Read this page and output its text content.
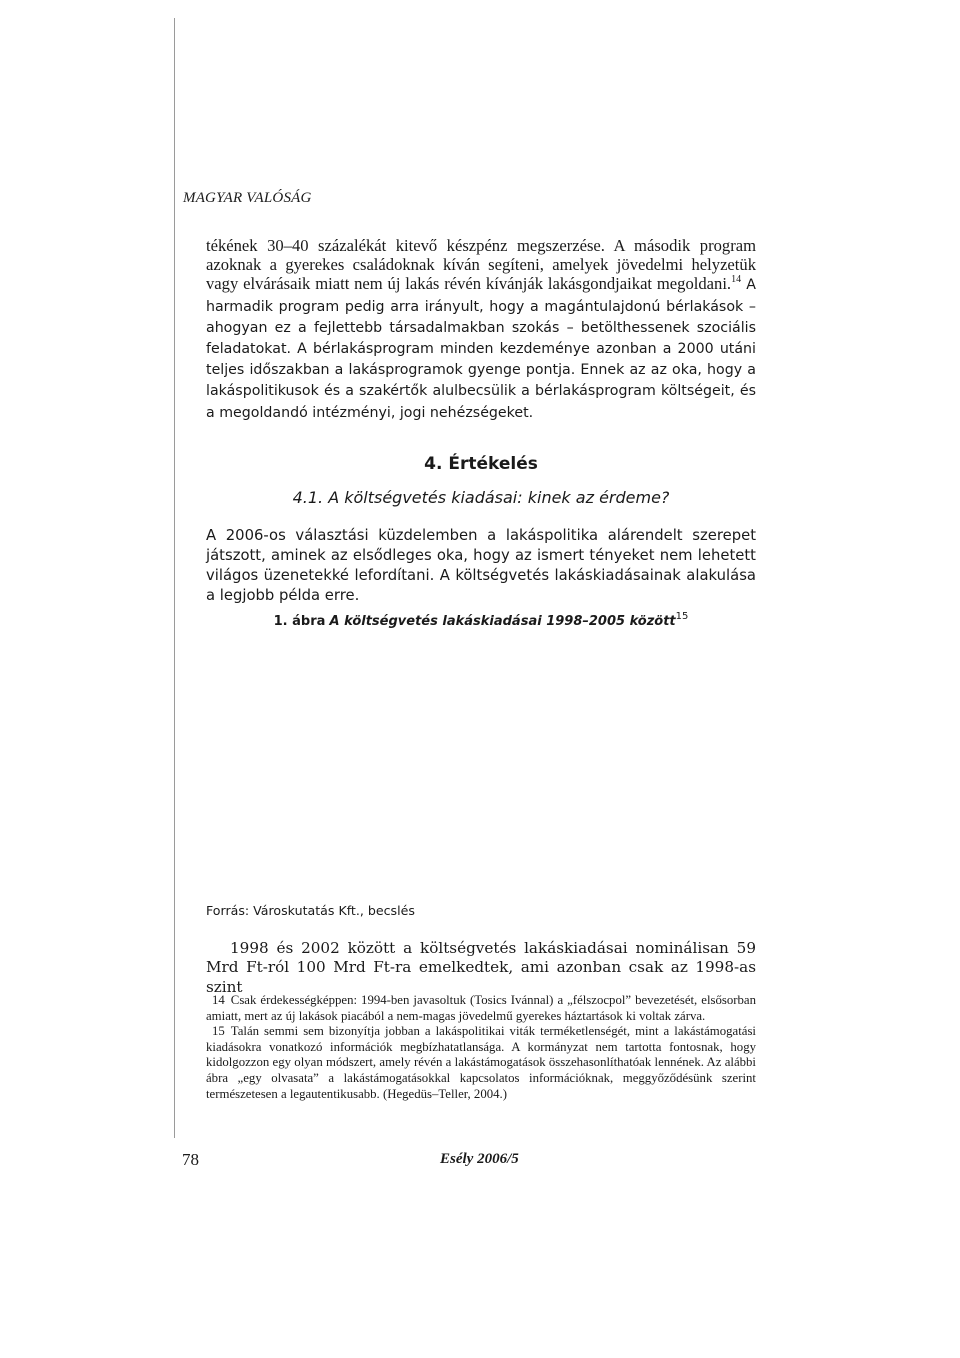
MAGYAR VALÓSÁG

tékének 30–40 százalékát kitevő készpénz megszerzése. A második program azoknak a gyerekes családoknak kíván segíteni, amelyek jövedelmi helyzetük vagy elvárásaik miatt nem új lakás révén kívánják lakásgondjaikat megoldani.$^{14}$ A harmadik program pedig arra irányult, hogy a magántulajdonú bérlakások – ahogyan ez a fejlettebb társadalmakban szokás – betölthessenek szociális feladatokat. A bérlakásprogram minden kezdeménye azonban a 2000 utáni teljes időszakban a lakásprogramok gyenge pontja. Ennek az az oka, hogy a lakáspolitikusok és a szakértők alulbecsülik a bérlakásprogram költségeit, és a megoldandó intézményi, jogi nehézségeket.

4. Értékelés
4.1. A költségvetés kiadásai: kinek az érdeme?

A 2006-os választási küzdelemben a lakáspolitika alárendelt szerepet játszott, aminek az elsődleges oka, hogy az ismert tényeket nem lehetett világos üzenetekké lefordítani. A költségvetés lakáskiadásainak alakulása a legjobb példa erre.

1. ábra A költségvetés lakáskiadásai 1998–2005 között$^{15}$
Forrás: Városkutatás Kft., becslés

1998 és 2002 között a költségvetés lakáskiadásai nominálisan 59 Mrd Ft-ról 100 Mrd Ft-ra emelkedtek, ami azonban csak az 1998-as szint

14 Csak érdekességképpen: 1994-ben javasoltuk (Tosics Ivánnal) a „félszocpol” bevezetését, elsősorban amiatt, mert az új lakások piacából a nem-magas jövedelmű gyerekes háztartások ki voltak zárva.

15 Talán semmi sem bizonyítja jobban a lakáspolitikai viták terméketlenségét, mint a lakástámogatási kiadásokra vonatkozó információk megbízhatatlansága. A kormányzat nem tartotta fontosnak, hogy kidolgozzon egy olyan módszert, amely révén a lakástámogatások összehasonlíthatóak lennének. Az alábbi ábra „egy olvasata” a lakástámogatásokkal kapcsolatos információknak, meggyőződésünk szerint természetesen a legautentikusabb. (Hegedüs–Teller, 2004.)

78	Esély 2006/5
